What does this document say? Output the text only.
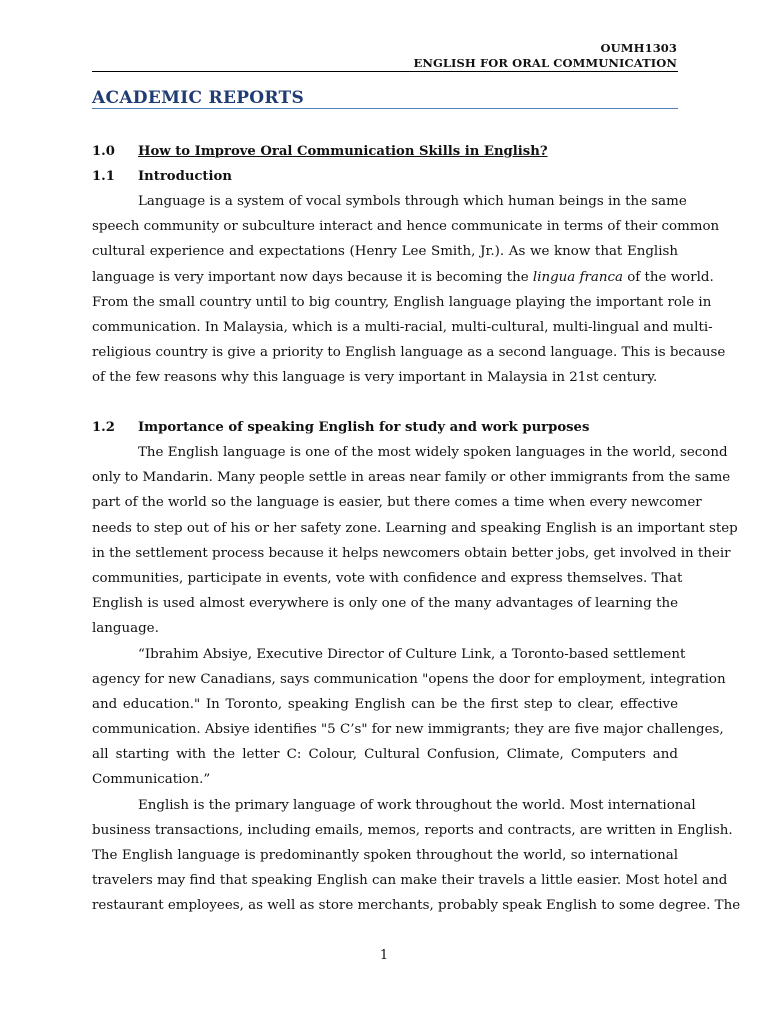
OUMH1303
ENGLISH FOR ORAL COMMUNICATION
ACADEMIC REPORTS
1.0 How to Improve Oral Communication Skills in English?
1.1 Introduction
Language is a system of vocal symbols through which human beings in the same
speech community or subculture interact and hence communicate in terms of their common
cultural experience and expectations (Henry Lee Smith, Jr.). As we know that English
language is very important now days because it is becoming the lingua franca of the world.
From the small country until to big country, English language playing the important role in
communication. In Malaysia, which is a multi-racial, multi-cultural, multi-lingual and multi-
religious country is give a priority to English language as a second language. This is because
of the few reasons why this language is very important in Malaysia in 21st century.
1.2 Importance of speaking English for study and work purposes
The English language is one of the most widely spoken languages in the world, second
only to Mandarin. Many people settle in areas near family or other immigrants from the same
part of the world so the language is easier, but there comes a time when every newcomer
needs to step out of his or her safety zone. Learning and speaking English is an important step
in the settlement process because it helps newcomers obtain better jobs, get involved in their
communities, participate in events, vote with confidence and express themselves. That
English is used almost everywhere is only one of the many advantages of learning the
language.
“Ibrahim Absiye, Executive Director of Culture Link, a Toronto-based settlement
agency for new Canadians, says communication "opens the door for employment, integration
and education." In Toronto, speaking English can be the first step to clear, effective
communication. Absiye identifies "5 C’s" for new immigrants; they are five major challenges,
all starting with the letter C: Colour, Cultural Confusion, Climate, Computers and
Communication.”
English is the primary language of work throughout the world. Most international
business transactions, including emails, memos, reports and contracts, are written in English.
The English language is predominantly spoken throughout the world, so international
travelers may find that speaking English can make their travels a little easier. Most hotel and
restaurant employees, as well as store merchants, probably speak English to some degree. The
1
